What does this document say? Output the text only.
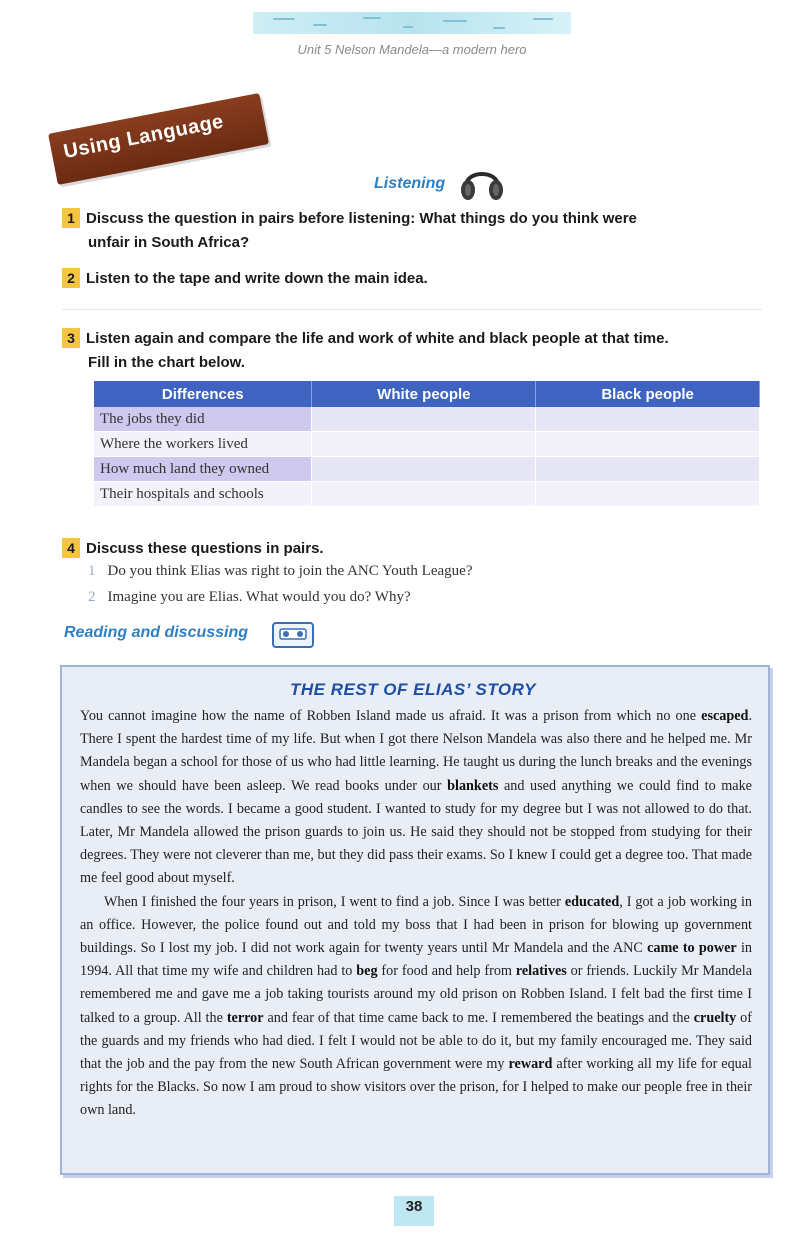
Unit 5 Nelson Mandela—a modern hero
Using Language
Listening
1 Discuss the question in pairs before listening: What things do you think were
unfair in South Africa?
2 Listen to the tape and write down the main idea.
3 Listen again and compare the life and work of white and black people at that time.
Fill in the chart below.
Differences	White people	Black people
The jobs they did		
Where the workers lived		
How much land they owned		
Their hospitals and schools		
4 Discuss these questions in pairs.
1 Do you think Elias was right to join the ANC Youth League?
2 Imagine you are Elias. What would you do? Why?
Reading and discussing
THE REST OF ELIAS’ STORY

You cannot imagine how the name of Robben Island made us afraid. It was a prison from which no one escaped. There I spent the hardest time of my life. But when I got there Nelson Mandela was also there and he helped me. Mr Mandela began a school for those of us who had little learning. He taught us during the lunch breaks and the evenings when we should have been asleep. We read books under our blankets and used anything we could find to make candles to see the words. I became a good student. I wanted to study for my degree but I was not allowed to do that. Later, Mr Mandela allowed the prison guards to join us. He said they should not be stopped from studying for their degrees. They were not cleverer than me, but they did pass their exams. So I knew I could get a degree too. That made me feel good about myself.

When I finished the four years in prison, I went to find a job. Since I was better educated, I got a job working in an office. However, the police found out and told my boss that I had been in prison for blowing up government buildings. So I lost my job. I did not work again for twenty years until Mr Mandela and the ANC came to power in 1994. All that time my wife and children had to beg for food and help from relatives or friends. Luckily Mr Mandela remembered me and gave me a job taking tourists around my old prison on Robben Island. I felt bad the first time I talked to a group. All the terror and fear of that time came back to me. I remembered the beatings and the cruelty of the guards and my friends who had died. I felt I would not be able to do it, but my family encouraged me. They said that the job and the pay from the new South African government were my reward after working all my life for equal rights for the Blacks. So now I am proud to show visitors over the prison, for I helped to make our people free in their own land.

38
